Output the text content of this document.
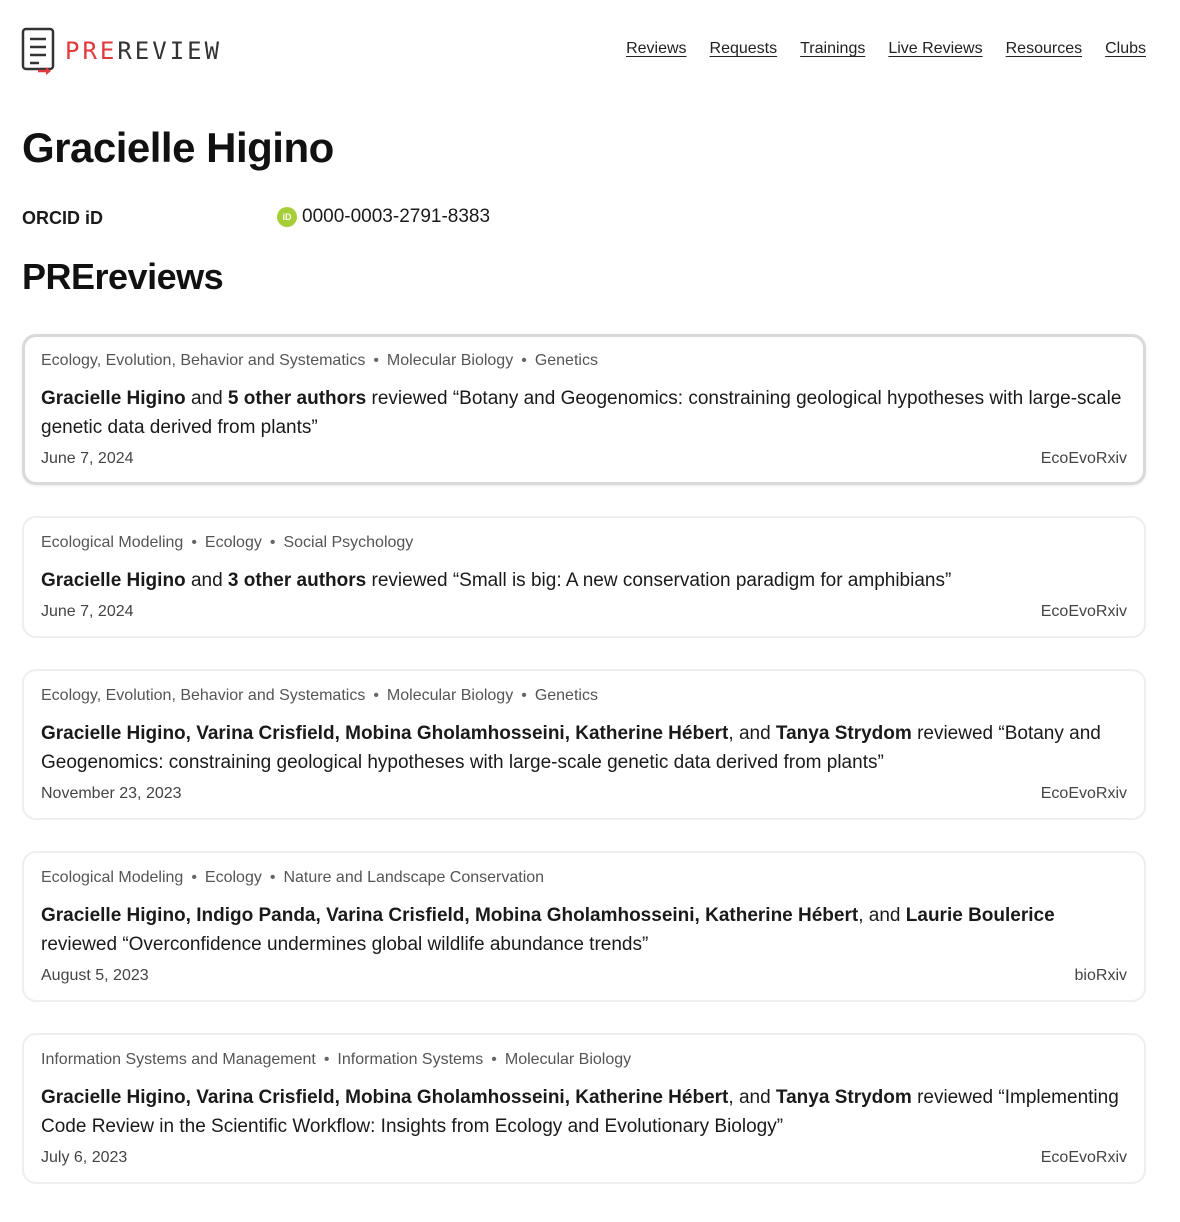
PREREVIEW	Reviews Requests Trainings Live Reviews Resources Clubs
Gracielle Higino
ORCID iD	iD 0000-0003-2791-8383
PREreviews
Ecology, Evolution, Behavior and Systematics • Molecular Biology • Genetics
Gracielle Higino and 5 other authors reviewed “Botany and Geogenomics: constraining geological hypotheses with large-scale genetic data derived from plants”
June 7, 2024	EcoEvoRxiv
Ecological Modeling • Ecology • Social Psychology
Gracielle Higino and 3 other authors reviewed “Small is big: A new conservation paradigm for amphibians”
June 7, 2024	EcoEvoRxiv
Ecology, Evolution, Behavior and Systematics • Molecular Biology • Genetics
Gracielle Higino, Varina Crisfield, Mobina Gholamhosseini, Katherine Hébert, and Tanya Strydom reviewed “Botany and Geogenomics: constraining geological hypotheses with large-scale genetic data derived from plants”
November 23, 2023	EcoEvoRxiv
Ecological Modeling • Ecology • Nature and Landscape Conservation
Gracielle Higino, Indigo Panda, Varina Crisfield, Mobina Gholamhosseini, Katherine Hébert, and Laurie Boulerice reviewed “Overconfidence undermines global wildlife abundance trends”
August 5, 2023	bioRxiv
Information Systems and Management • Information Systems • Molecular Biology
Gracielle Higino, Varina Crisfield, Mobina Gholamhosseini, Katherine Hébert, and Tanya Strydom reviewed “Implementing Code Review in the Scientific Workflow: Insights from Ecology and Evolutionary Biology”
July 6, 2023	EcoEvoRxiv
